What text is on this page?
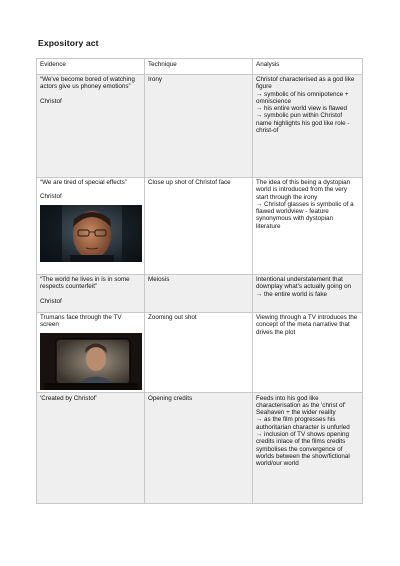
Expository act
Evidence	Technique	Analysis

“We've become bored of watching actors give us phoney emotions”
Christof	Irony	Christof characterised as a god like figure
→ symbolic of his omnipotence + omniscience
→ his entire world view is flawed
→ symbolic pun within Christof name highlights his god like role - christ-of

“We are tired of special effects”
Christof	Close up shot of Christof face	The idea of this being a dystopian world is introduced from the very start through the irony
→ Christof glasses is symbolic of a flawed worldview - feature synonymous with dystopian literature

“The world he lives in is in some respects counterfeit”
Christof	Meiosis	Intentional understatement that downplay what's actually going on
→ the entire world is fake

Trumans face through the TV screen	Zooming out shot	Viewing through a TV introduces the concept of the meta narrative that drives the plot

'Created by Christof'	Opening credits	Feeds into his god like characterisation as the 'christ of' Seahaven + the wider reality
→ as the film progresses his authoritarian character is unfurled
→ inclusion of TV shows opening credits inlace of the films credits symbolises the convergence of worlds between the show/fictional world/our world
